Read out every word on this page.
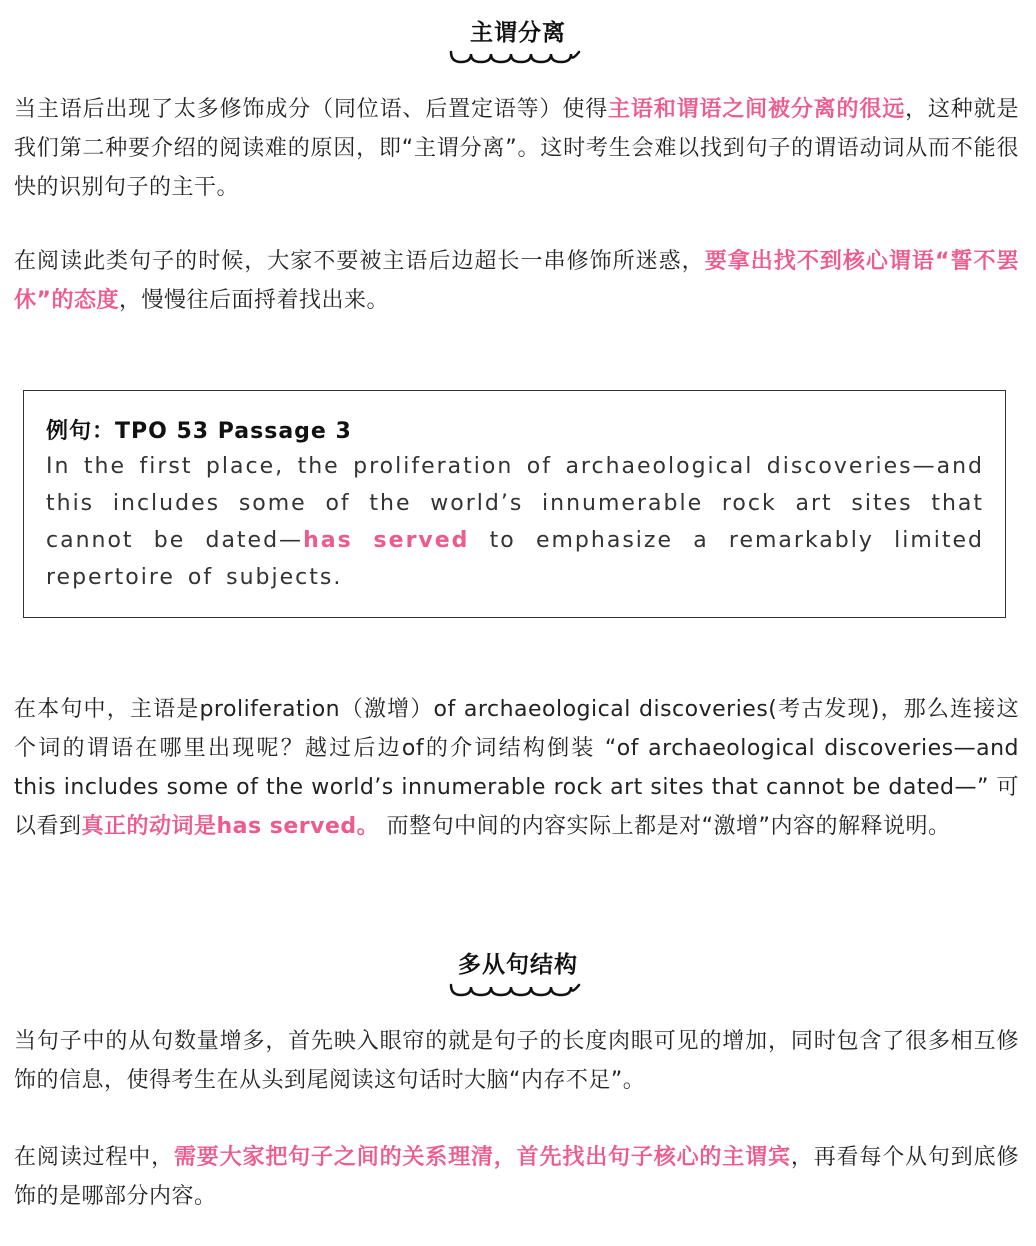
主谓分离

当主语后出现了太多修饰成分（同位语、后置定语等）使得主语和谓语之间被分离的很远，这种就是我们第二种要介绍的阅读难的原因，即“主谓分离”。这时考生会难以找到句子的谓语动词从而不能很快的识别句子的主干。

在阅读此类句子的时候，大家不要被主语后边超长一串修饰所迷惑，要拿出找不到核心谓语“誓不罢休”的态度，慢慢往后面捋着找出来。

例句：TPO 53 Passage 3

In the first place, the proliferation of archaeological discoveries—and this includes some of the world’s innumerable rock art sites that cannot be dated—has served to emphasize a remarkably limited repertoire of subjects.

在本句中，主语是proliferation（激增）of archaeological discoveries(考古发现)，那么连接这个词的谓语在哪里出现呢？越过后边of的介词结构倒装 “of archaeological discoveries—and this includes some of the world’s innumerable rock art sites that cannot be dated—” 可以看到真正的动词是has served。 而整句中间的内容实际上都是对“激增”内容的解释说明。

多从句结构

当句子中的从句数量增多，首先映入眼帘的就是句子的长度肉眼可见的增加，同时包含了很多相互修饰的信息，使得考生在从头到尾阅读这句话时大脑“内存不足”。

在阅读过程中，需要大家把句子之间的关系理清，首先找出句子核心的主谓宾，再看每个从句到底修饰的是哪部分内容。
